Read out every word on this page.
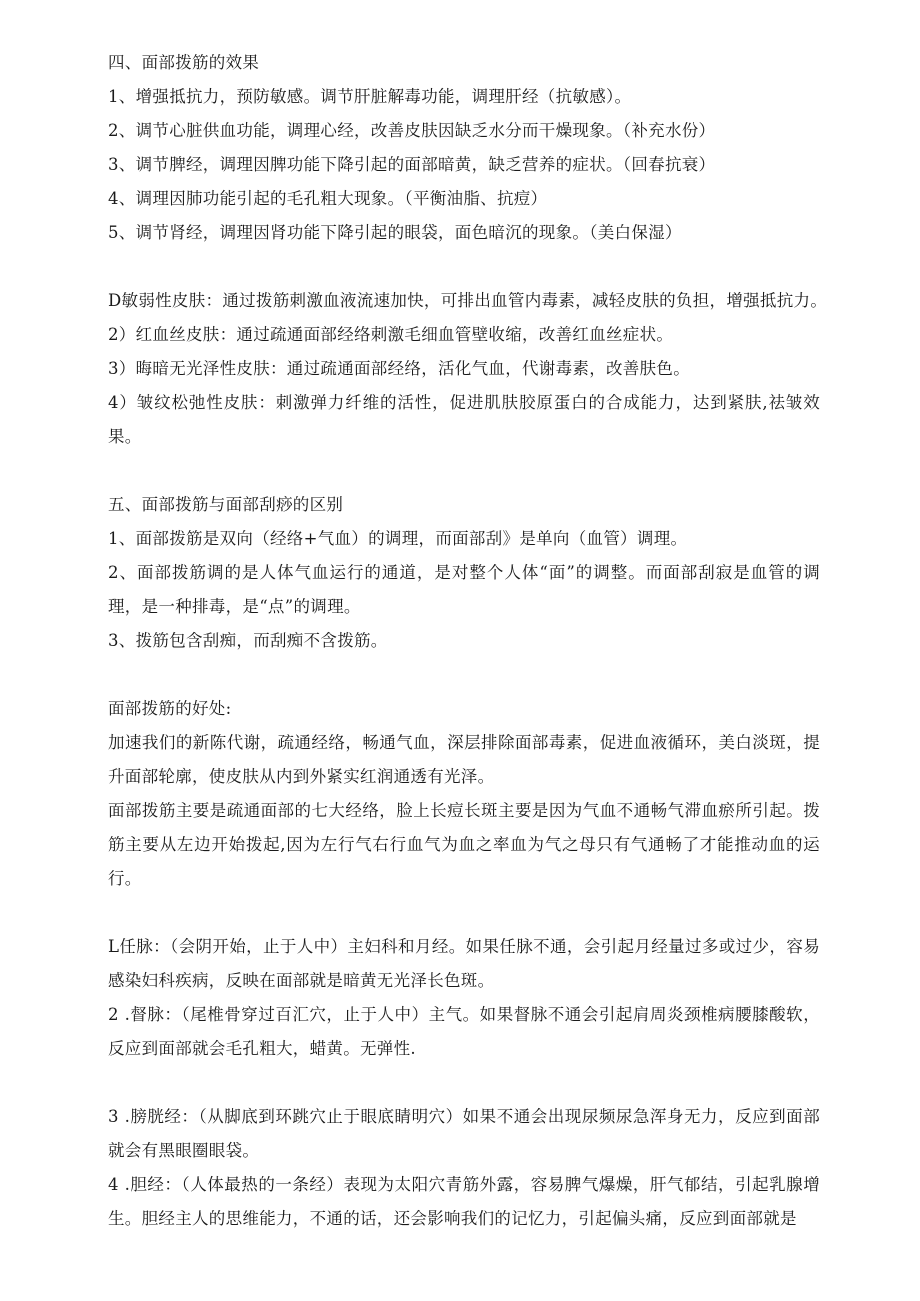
四、面部拨筋的效果

1、增强抵抗力，预防敏感。调节肝脏解毒功能，调理肝经（抗敏感）。

2、调节心脏供血功能，调理心经，改善皮肤因缺乏水分而干燥现象。（补充水份）

3、调节脾经，调理因脾功能下降引起的面部暗黄，缺乏营养的症状。（回春抗衰）

4、调理因肺功能引起的毛孔粗大现象。（平衡油脂、抗痘）

5、调节肾经，调理因肾功能下降引起的眼袋，面色暗沉的现象。（美白保湿）

D敏弱性皮肤：通过拨筋刺激血液流速加快，可排出血管内毒素，减轻皮肤的负担，增强抵抗力。

2）红血丝皮肤：通过疏通面部经络刺激毛细血管壁收缩，改善红血丝症状。

3）晦暗无光泽性皮肤：通过疏通面部经络，活化气血，代谢毒素，改善肤色。

4）皱纹松弛性皮肤：刺激弹力纤维的活性，促进肌肤胶原蛋白的合成能力，达到紧肤,祛皱效果。

五、面部拨筋与面部刮痧的区别

1、面部拨筋是双向（经络+气血）的调理，而面部刮》是单向（血管）调理。

2、面部拨筋调的是人体气血运行的通道，是对整个人体“面”的调整。而面部刮寂是血管的调理，是一种排毒，是“点”的调理。

3、拨筋包含刮痴，而刮痴不含拨筋。

面部拨筋的好处:

加速我们的新陈代谢，疏通经络，畅通气血，深层排除面部毒素，促进血液循环，美白淡斑，提升面部轮廓，使皮肤从内到外紧实红润通透有光泽。

面部拨筋主要是疏通面部的七大经络，脸上长痘长斑主要是因为气血不通畅气滞血瘀所引起。拨筋主要从左边开始拨起,因为左行气右行血气为血之率血为气之母只有气通畅了才能推动血的运行。

L任脉：（会阴开始，止于人中）主妇科和月经。如果任脉不通，会引起月经量过多或过少，容易感染妇科疾病，反映在面部就是暗黄无光泽长色斑。

2 .督脉：（尾椎骨穿过百汇穴，止于人中）主气。如果督脉不通会引起肩周炎颈椎病腰膝酸软，反应到面部就会毛孔粗大，蜡黄。无弹性.

3 .膀胱经：（从脚底到环跳穴止于眼底睛明穴）如果不通会出现尿频尿急浑身无力，反应到面部就会有黑眼圈眼袋。

4 .胆经：（人体最热的一条经）表现为太阳穴青筋外露，容易脾气爆燥，肝气郁结，引起乳腺增生。胆经主人的思维能力，不通的话，还会影响我们的记忆力，引起偏头痛，反应到面部就是
